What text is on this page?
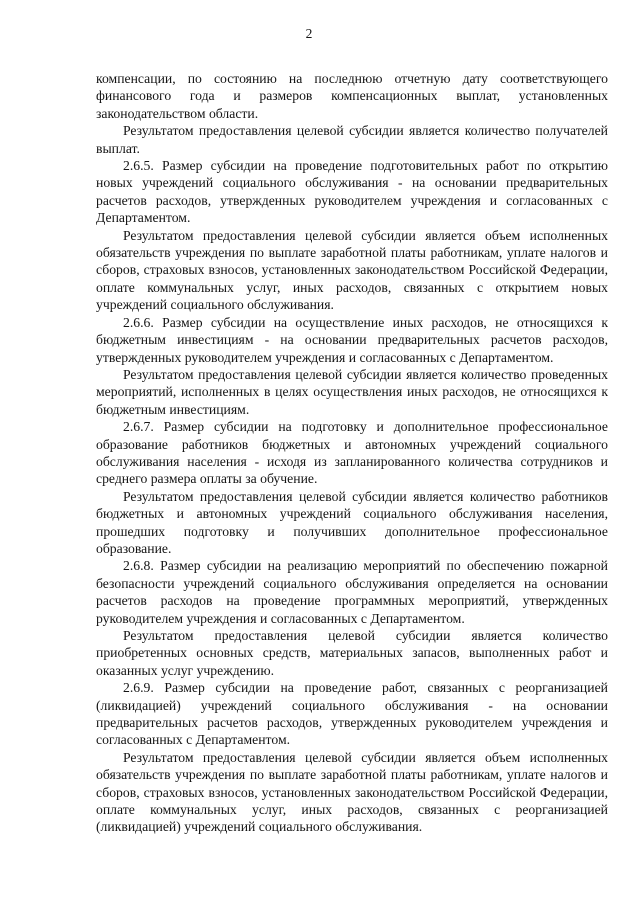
2

компенсации, по состоянию на последнюю отчетную дату соответствующего финансового года и размеров компенсационных выплат, установленных законодательством области.

Результатом предоставления целевой субсидии является количество получателей выплат.

2.6.5. Размер субсидии на проведение подготовительных работ по открытию новых учреждений социального обслуживания - на основании предварительных расчетов расходов, утвержденных руководителем учреждения и согласованных с Департаментом.

Результатом предоставления целевой субсидии является объем исполненных обязательств учреждения по выплате заработной платы работникам, уплате налогов и сборов, страховых взносов, установленных законодательством Российской Федерации, оплате коммунальных услуг, иных расходов, связанных с открытием новых учреждений социального обслуживания.

2.6.6. Размер субсидии на осуществление иных расходов, не относящихся к бюджетным инвестициям - на основании предварительных расчетов расходов, утвержденных руководителем учреждения и согласованных с Департаментом.

Результатом предоставления целевой субсидии является количество проведенных мероприятий, исполненных в целях осуществления иных расходов, не относящихся к бюджетным инвестициям.

2.6.7. Размер субсидии на подготовку и дополнительное профессиональное образование работников бюджетных и автономных учреждений социального обслуживания населения - исходя из запланированного количества сотрудников и среднего размера оплаты за обучение.

Результатом предоставления целевой субсидии является количество работников бюджетных и автономных учреждений социального обслуживания населения, прошедших подготовку и получивших дополнительное профессиональное образование.

2.6.8. Размер субсидии на реализацию мероприятий по обеспечению пожарной безопасности учреждений социального обслуживания определяется на основании расчетов расходов на проведение программных мероприятий, утвержденных руководителем учреждения и согласованных с Департаментом.

Результатом предоставления целевой субсидии является количество приобретенных основных средств, материальных запасов, выполненных работ и оказанных услуг учреждению.

2.6.9. Размер субсидии на проведение работ, связанных с реорганизацией (ликвидацией) учреждений социального обслуживания - на основании предварительных расчетов расходов, утвержденных руководителем учреждения и согласованных с Департаментом.

Результатом предоставления целевой субсидии является объем исполненных обязательств учреждения по выплате заработной платы работникам, уплате налогов и сборов, страховых взносов, установленных законодательством Российской Федерации, оплате коммунальных услуг, иных расходов, связанных с реорганизацией (ликвидацией) учреждений социального обслуживания.
